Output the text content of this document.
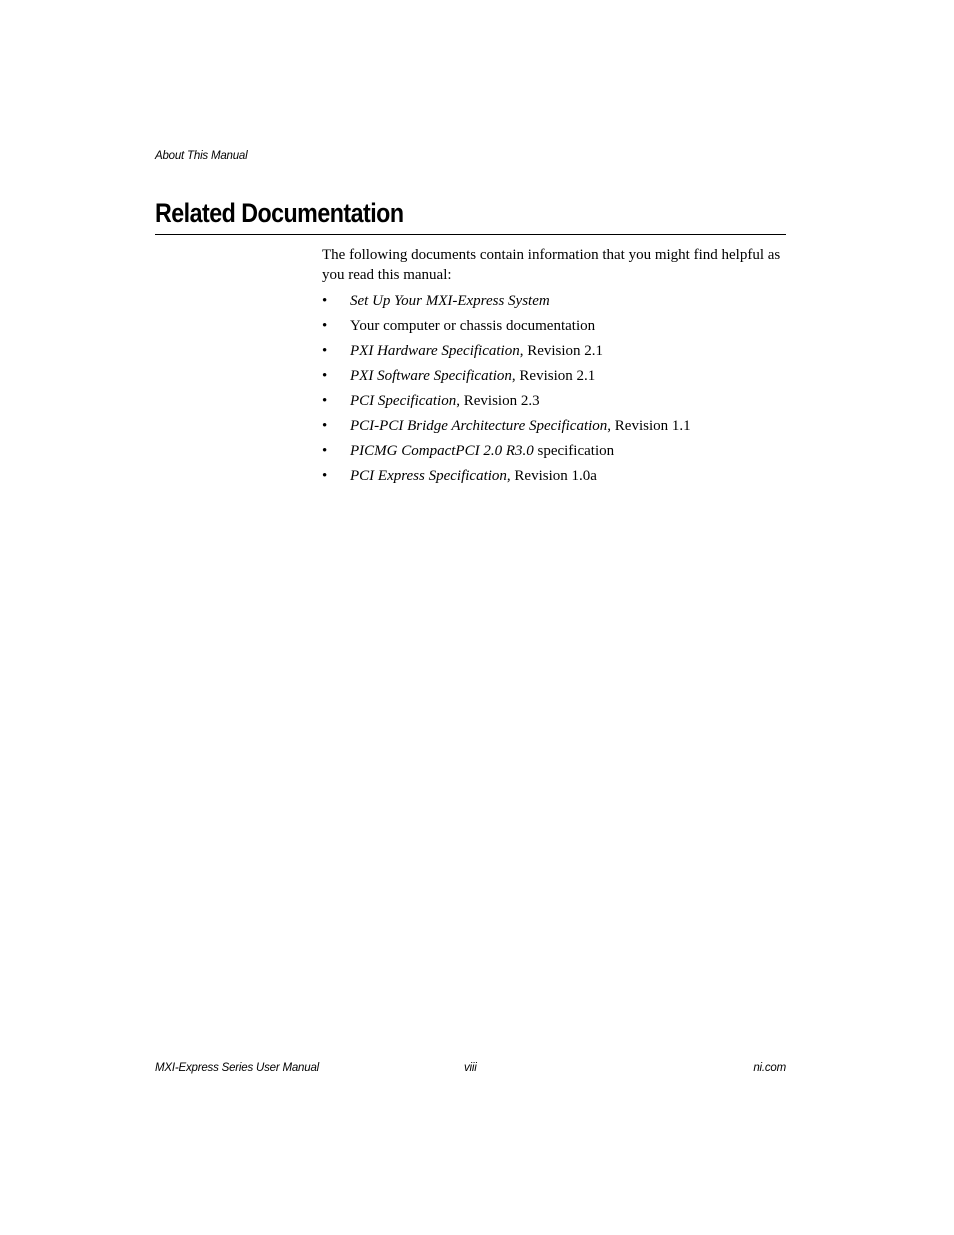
About This Manual
Related Documentation

The following documents contain information that you might find helpful as you read this manual:

• Set Up Your MXI-Express System
• Your computer or chassis documentation
• PXI Hardware Specification, Revision 2.1
• PXI Software Specification, Revision 2.1
• PCI Specification, Revision 2.3
• PCI-PCI Bridge Architecture Specification, Revision 1.1
• PICMG CompactPCI 2.0 R3.0 specification
• PCI Express Specification, Revision 1.0a
MXI-Express Series User Manual	viii	ni.com
